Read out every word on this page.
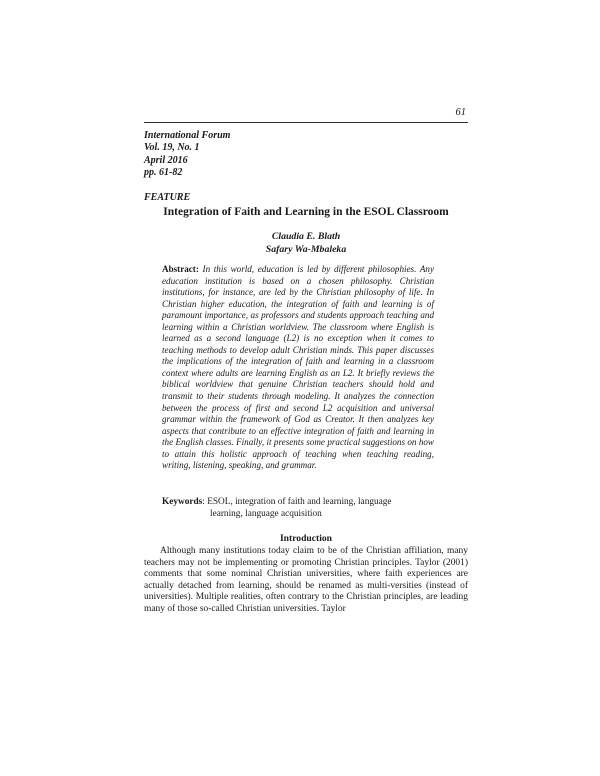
61
International Forum
Vol. 19, No. 1
April 2016
pp. 61-82
FEATURE
Integration of Faith and Learning in the ESOL Classroom
Claudia E. Blath
Safary Wa-Mbaleka
Abstract: In this world, education is led by different philosophies. Any education institution is based on a chosen philosophy. Christian institutions, for instance, are led by the Christian philosophy of life. In Christian higher education, the integration of faith and learning is of paramount importance, as professors and students approach teaching and learning within a Christian worldview. The classroom where English is learned as a second language (L2) is no exception when it comes to teaching methods to develop adult Christian minds. This paper discusses the implications of the integration of faith and learning in a classroom context where adults are learning English as an L2. It briefly reviews the biblical worldview that genuine Christian teachers should hold and transmit to their students through modeling. It analyzes the connection between the process of first and second L2 acquisition and universal grammar within the framework of God as Creator. It then analyzes key aspects that contribute to an effective integration of faith and learning in the English classes. Finally, it presents some practical suggestions on how to attain this holistic approach of teaching when teaching reading, writing, listening, speaking, and grammar.
Keywords: ESOL, integration of faith and learning, language
learning, language acquisition
Introduction

Although many institutions today claim to be of the Christian affiliation, many teachers may not be implementing or promoting Christian principles. Taylor (2001) comments that some nominal Christian universities, where faith experiences are actually detached from learning, should be renamed as multi-versities (instead of universities). Multiple realities, often contrary to the Christian principles, are leading many of those so-called Christian universities. Taylor
